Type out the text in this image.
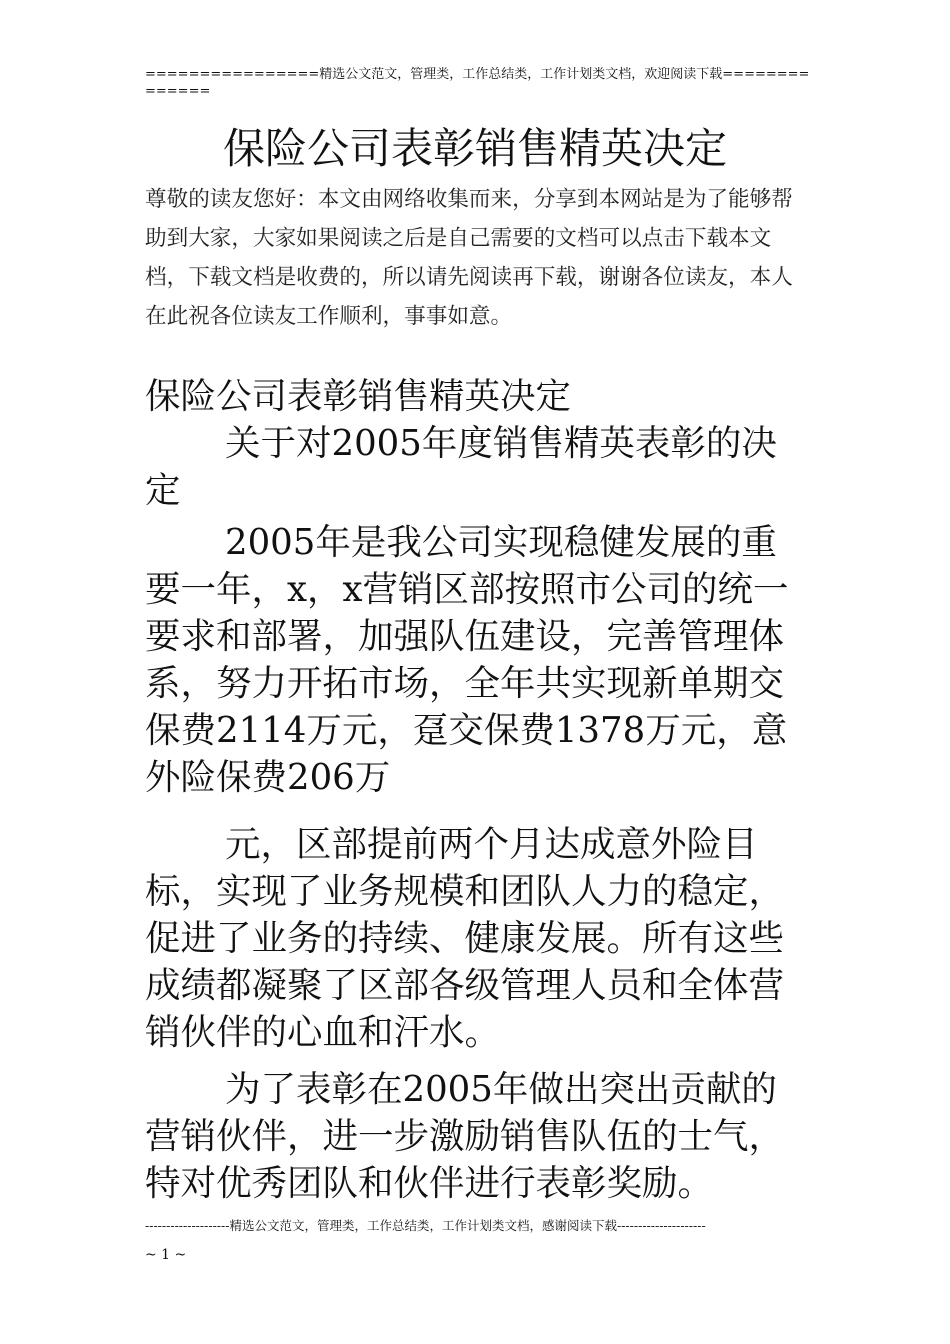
================精选公文范文，管理类，工作总结类，工作计划类文档，欢迎阅读下载==============
保险公司表彰销售精英决定
尊敬的读友您好：本文由网络收集而来，分享到本网站是为了能够帮助到大家，大家如果阅读之后是自己需要的文档可以点击下载本文档，下载文档是收费的，所以请先阅读再下载，谢谢各位读友，本人在此祝各位读友工作顺利，事事如意。

保险公司表彰销售精英决定

关于对2005年度销售精英表彰的决定

2005年是我公司实现稳健发展的重要一年，x，x营销区部按照市公司的统一要求和部署，加强队伍建设，完善管理体系，努力开拓市场，全年共实现新单期交保费2114万元，趸交保费1378万元，意外险保费206万

元，区部提前两个月达成意外险目标，实现了业务规模和团队人力的稳定，促进了业务的持续、健康发展。所有这些成绩都凝聚了区部各级管理人员和全体营销伙伴的心血和汗水。

为了表彰在2005年做出突出贡献的营销伙伴，进一步激励销售队伍的士气，特对优秀团队和伙伴进行表彰奖励。

--------------------精选公文范文，管理类，工作总结类，工作计划类文档，感谢阅读下载---------------------
~ 1 ~
